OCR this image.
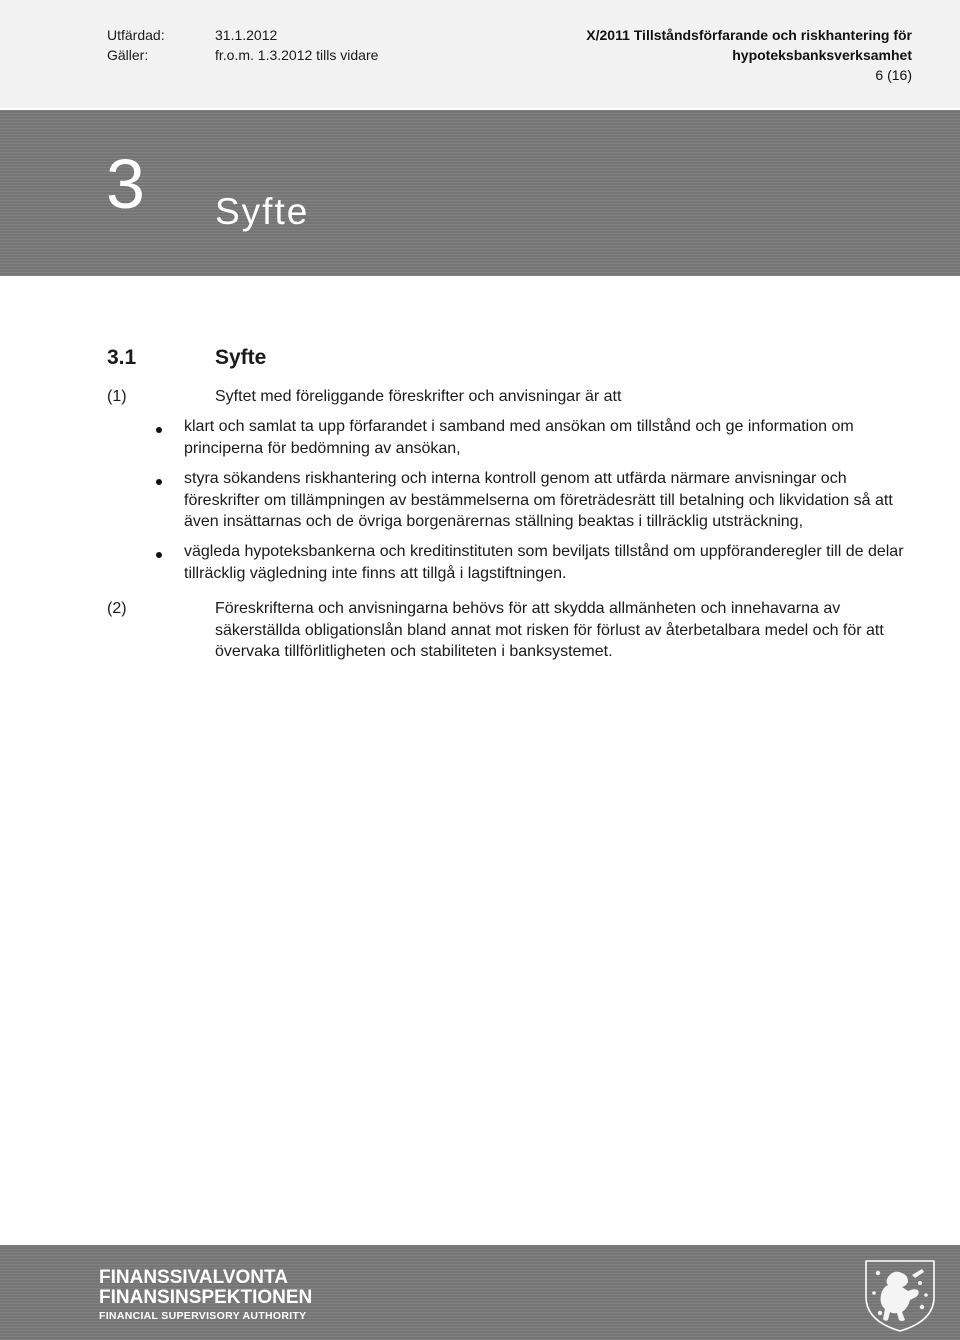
Utfärdad:	31.1.2012
Gäller:	fr.o.m. 1.3.2012 tills vidare
X/2011 Tillståndsförfarande och riskhantering för
hypoteksbanksverksamhet
6 (16)
3 Syfte
3.1	Syfte
(1)	Syftet med föreliggande föreskrifter och anvisningar är att
klart och samlat ta upp förfarandet i samband med ansökan om tillstånd och ge information om principerna för bedömning av ansökan,
styra sökandens riskhantering och interna kontroll genom att utfärda närmare anvisningar och föreskrifter om tillämpningen av bestämmelserna om företrädesrätt till betalning och likvidation så att även insättarnas och de övriga borgenärernas ställning beaktas i tillräcklig utsträckning,
vägleda hypoteksbankerna och kreditinstituten som beviljats tillstånd om uppföranderegler till de delar tillräcklig vägledning inte finns att tillgå i lagstiftningen.
(2)	Föreskrifterna och anvisningarna behövs för att skydda allmänheten och innehavarna av säkerställda obligationslån bland annat mot risken för förlust av återbetalbara medel och för att övervaka tillförlitligheten och stabiliteten i banksystemet.
FINANSSIVALVONTA
FINANSINSPEKTIONEN
FINANCIAL SUPERVISORY AUTHORITY
